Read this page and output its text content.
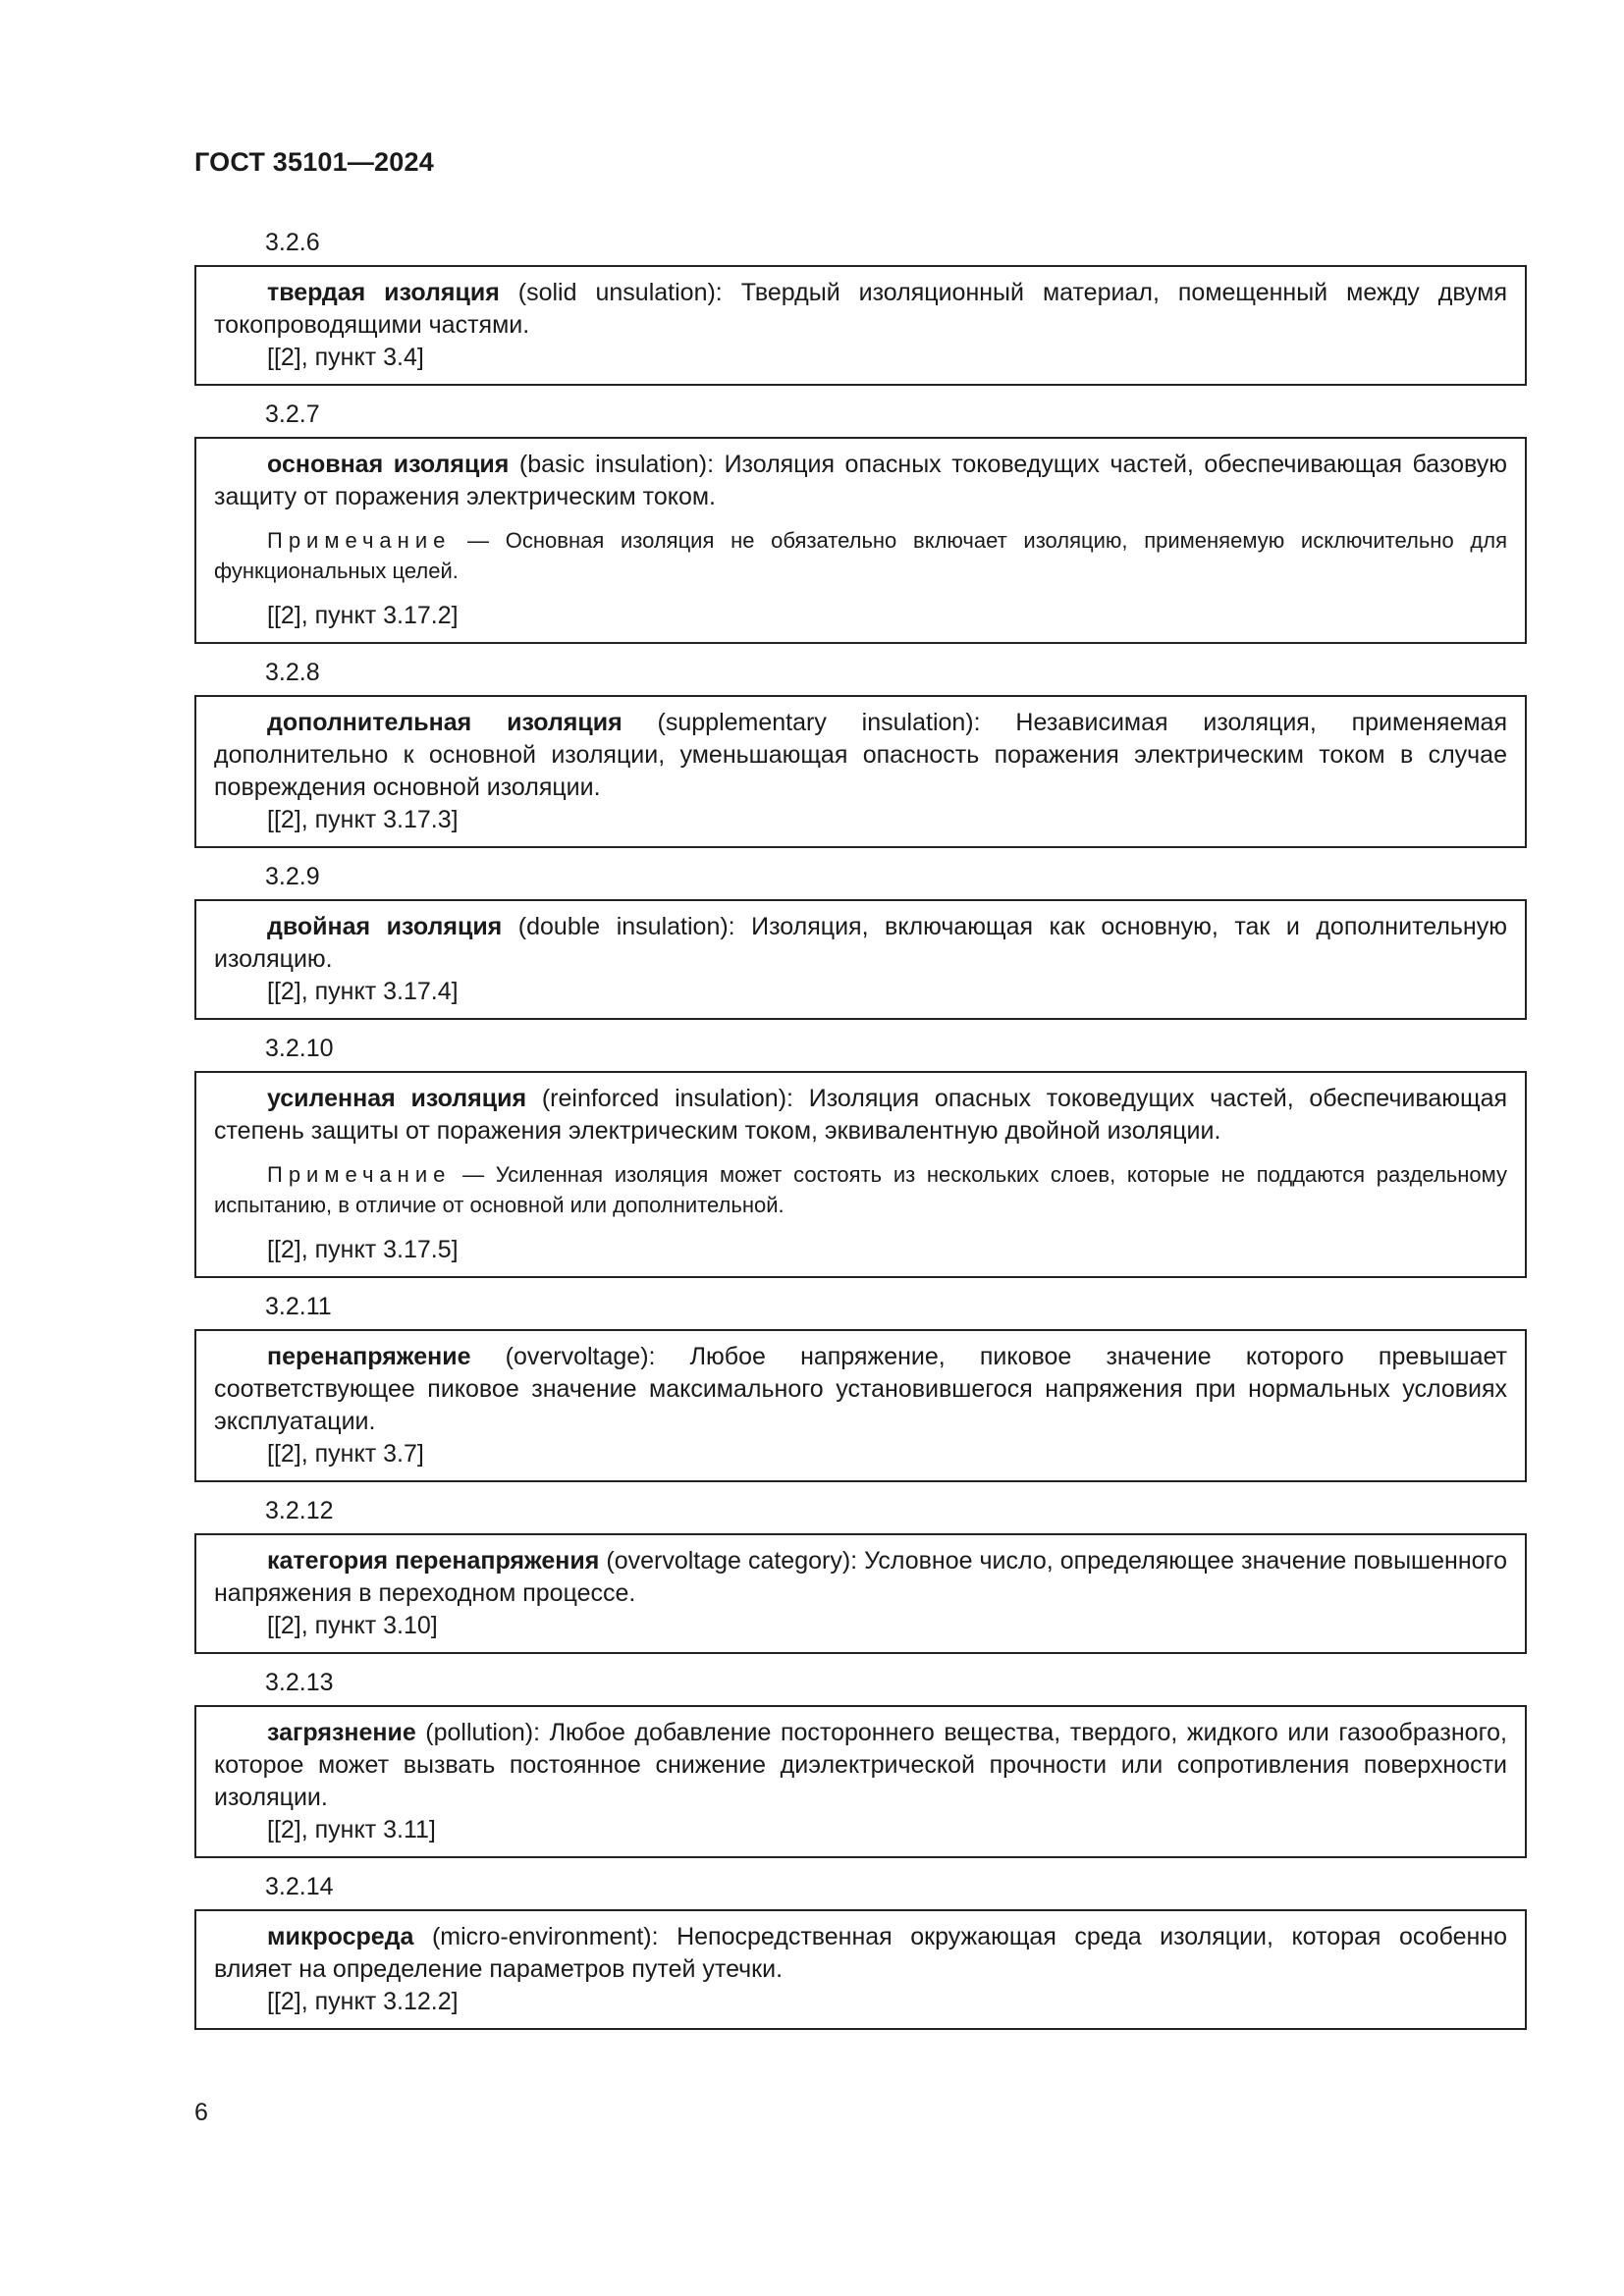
ГОСТ 35101—2024
3.2.6

твердая изоляция (solid unsulation): Твердый изоляционный материал, помещенный между двумя токопроводящими частями.

[[2], пункт 3.4]

3.2.7

основная изоляция (basic insulation): Изоляция опасных токоведущих частей, обеспечивающая базовую защиту от поражения электрическим током.

Примечание — Основная изоляция не обязательно включает изоляцию, применяемую исключительно для функциональных целей.

[[2], пункт 3.17.2]

3.2.8

дополнительная изоляция (supplementary insulation): Независимая изоляция, применяемая дополнительно к основной изоляции, уменьшающая опасность поражения электрическим током в случае повреждения основной изоляции.

[[2], пункт 3.17.3]

3.2.9

двойная изоляция (double insulation): Изоляция, включающая как основную, так и дополнительную изоляцию.

[[2], пункт 3.17.4]

3.2.10

усиленная изоляция (reinforced insulation): Изоляция опасных токоведущих частей, обеспечивающая степень защиты от поражения электрическим током, эквивалентную двойной изоляции.

Примечание — Усиленная изоляция может состоять из нескольких слоев, которые не поддаются раздельному испытанию, в отличие от основной или дополнительной.

[[2], пункт 3.17.5]

3.2.11

перенапряжение (overvoltage): Любое напряжение, пиковое значение которого превышает соответствующее пиковое значение максимального установившегося напряжения при нормальных условиях эксплуатации.

[[2], пункт 3.7]

3.2.12

категория перенапряжения (overvoltage category): Условное число, определяющее значение повышенного напряжения в переходном процессе.

[[2], пункт 3.10]

3.2.13

загрязнение (pollution): Любое добавление постороннего вещества, твердого, жидкого или газообразного, которое может вызвать постоянное снижение диэлектрической прочности или сопротивления поверхности изоляции.

[[2], пункт 3.11]

3.2.14

микросреда (micro-environment): Непосредственная окружающая среда изоляции, которая особенно влияет на определение параметров путей утечки.

[[2], пункт 3.12.2]

6
